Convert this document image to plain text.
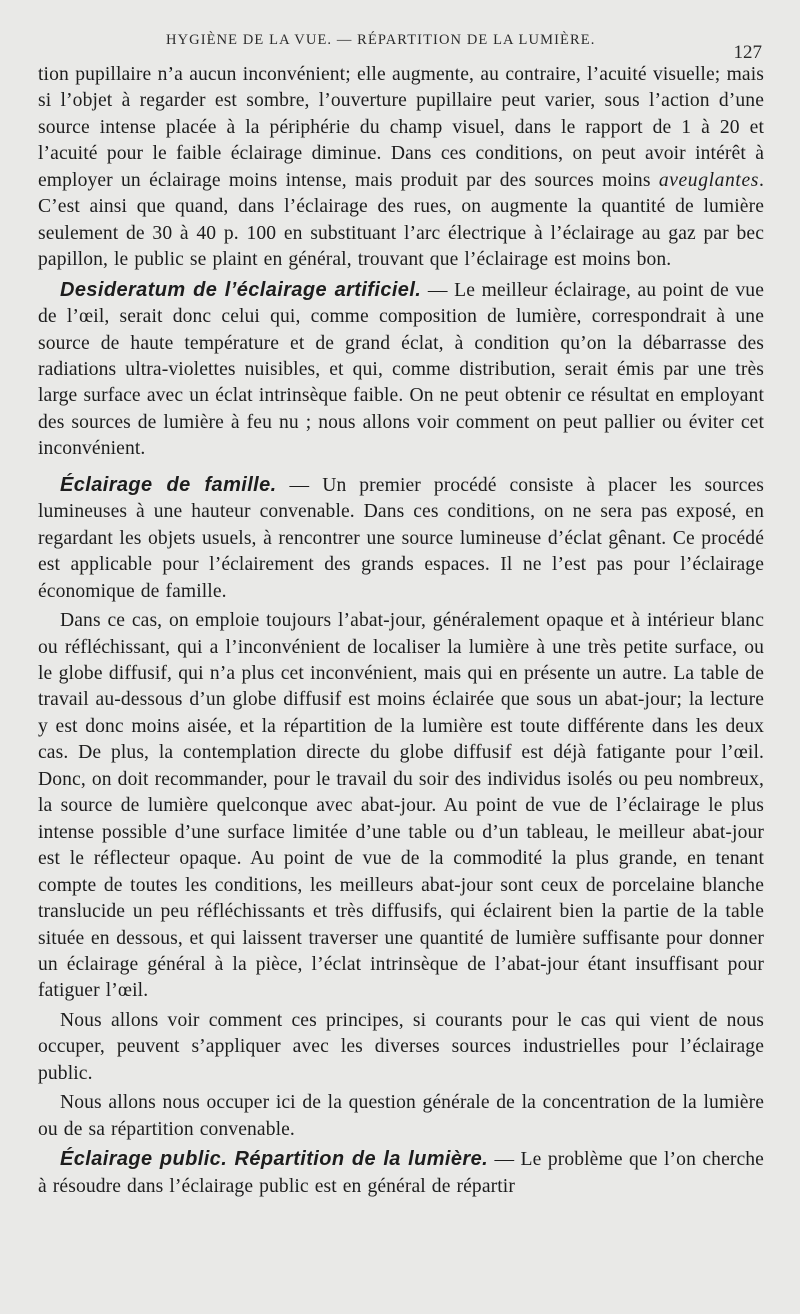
HYGIÈNE DE LA VUE. — RÉPARTITION DE LA LUMIÈRE.
127

tion pupillaire n’a aucun inconvénient; elle augmente, au contraire, l’acuité visuelle; mais si l’objet à regarder est sombre, l’ouverture pupillaire peut varier, sous l’action d’une source intense placée à la périphérie du champ visuel, dans le rapport de 1 à 20 et l’acuité pour le faible éclairage diminue. Dans ces conditions, on peut avoir intérêt à employer un éclairage moins intense, mais produit par des sources moins aveuglantes. C’est ainsi que quand, dans l’éclairage des rues, on augmente la quantité de lumière seulement de 30 à 40 p. 100 en substituant l’arc électrique à l’éclairage au gaz par bec papillon, le public se plaint en général, trouvant que l’éclairage est moins bon.

Desideratum de l’éclairage artificiel. — Le meilleur éclairage, au point de vue de l’œil, serait donc celui qui, comme composition de lumière, correspondrait à une source de haute température et de grand éclat, à condition qu’on la débarrasse des radiations ultra-violettes nuisibles, et qui, comme distribution, serait émis par une très large surface avec un éclat intrinsèque faible. On ne peut obtenir ce résultat en employant des sources de lumière à feu nu ; nous allons voir comment on peut pallier ou éviter cet inconvénient.

Éclairage de famille. — Un premier procédé consiste à placer les sources lumineuses à une hauteur convenable. Dans ces conditions, on ne sera pas exposé, en regardant les objets usuels, à rencontrer une source lumineuse d’éclat gênant. Ce procédé est applicable pour l’éclairement des grands espaces. Il ne l’est pas pour l’éclairage économique de famille.

Dans ce cas, on emploie toujours l’abat-jour, généralement opaque et à intérieur blanc ou réfléchissant, qui a l’inconvénient de localiser la lumière à une très petite surface, ou le globe diffusif, qui n’a plus cet inconvénient, mais qui en présente un autre. La table de travail au-dessous d’un globe diffusif est moins éclairée que sous un abat-jour; la lecture y est donc moins aisée, et la répartition de la lumière est toute différente dans les deux cas. De plus, la contemplation directe du globe diffusif est déjà fatigante pour l’œil. Donc, on doit recommander, pour le travail du soir des individus isolés ou peu nombreux, la source de lumière quelconque avec abat-jour. Au point de vue de l’éclairage le plus intense possible d’une surface limitée d’une table ou d’un tableau, le meilleur abat-jour est le réflecteur opaque. Au point de vue de la commodité la plus grande, en tenant compte de toutes les conditions, les meilleurs abat-jour sont ceux de porcelaine blanche translucide un peu réfléchissants et très diffusifs, qui éclairent bien la partie de la table située en dessous, et qui laissent traverser une quantité de lumière suffisante pour donner un éclairage général à la pièce, l’éclat intrinsèque de l’abat-jour étant insuffisant pour fatiguer l’œil.

Nous allons voir comment ces principes, si courants pour le cas qui vient de nous occuper, peuvent s’appliquer avec les diverses sources industrielles pour l’éclairage public.

Nous allons nous occuper ici de la question générale de la concentration de la lumière ou de sa répartition convenable.

Éclairage public. Répartition de la lumière. — Le problème que l’on cherche à résoudre dans l’éclairage public est en général de répartir
